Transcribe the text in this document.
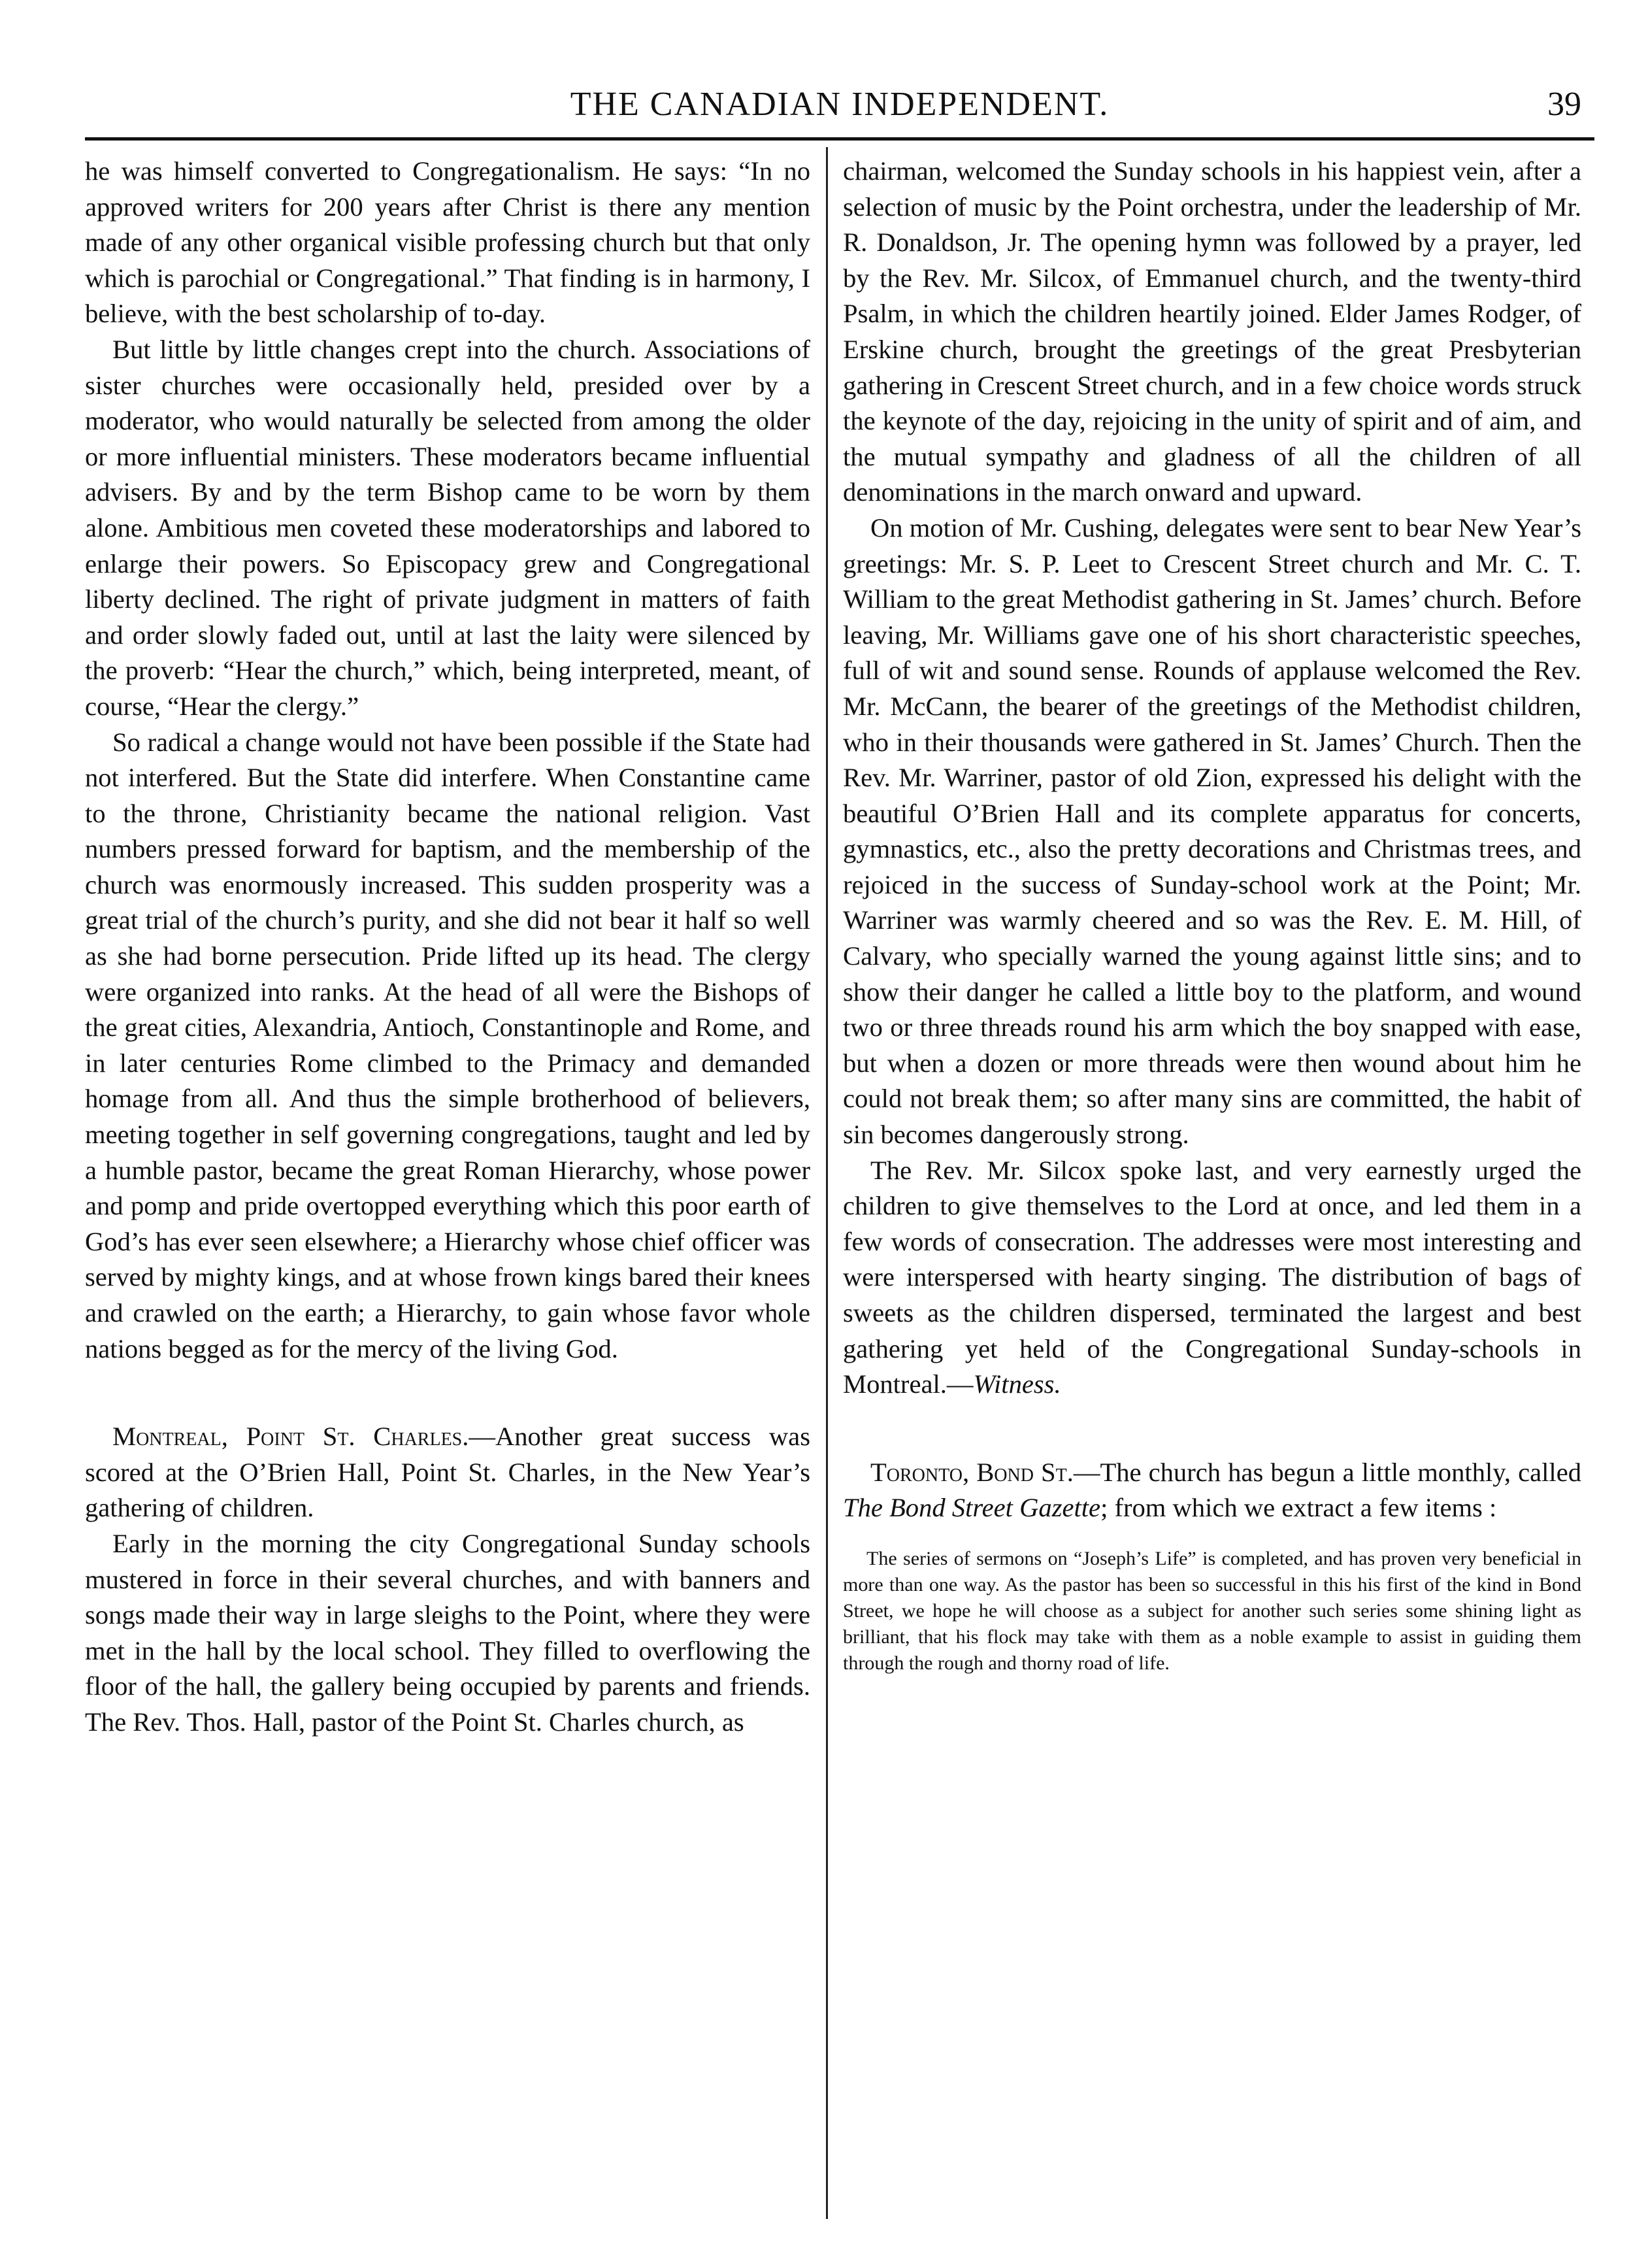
THE CANADIAN INDEPENDENT.	39

he was himself converted to Congregationalism. He says: “In no approved writers for 200 years after Christ is there any mention made of any other organical visible professing church but that only which is parochial or Congregational.” That finding is in harmony, I believe, with the best scholarship of to-day.

But little by little changes crept into the church. Associations of sister churches were occasionally held, presided over by a moderator, who would naturally be selected from among the older or more influential ministers. These moderators became influential advisers. By and by the term Bishop came to be worn by them alone. Ambitious men coveted these moderatorships and labored to enlarge their powers. So Episcopacy grew and Congregational liberty declined. The right of private judgment in matters of faith and order slowly faded out, until at last the laity were silenced by the proverb: “Hear the church,” which, being interpreted, meant, of course, “Hear the clergy.”

So radical a change would not have been possible if the State had not interfered. But the State did interfere. When Constantine came to the throne, Christianity became the national religion. Vast numbers pressed forward for baptism, and the membership of the church was enormously increased. This sudden prosperity was a great trial of the church’s purity, and she did not bear it half so well as she had borne persecution. Pride lifted up its head. The clergy were organized into ranks. At the head of all were the Bishops of the great cities, Alexandria, Antioch, Constantinople and Rome, and in later centuries Rome climbed to the Primacy and demanded homage from all. And thus the simple brotherhood of believers, meeting together in self governing congregations, taught and led by a humble pastor, became the great Roman Hierarchy, whose power and pomp and pride overtopped everything which this poor earth of God’s has ever seen elsewhere; a Hierarchy whose chief officer was served by mighty kings, and at whose frown kings bared their knees and crawled on the earth; a Hierarchy, to gain whose favor whole nations begged as for the mercy of the living God.

Montreal, Point St. Charles.—Another great success was scored at the O’Brien Hall, Point St. Charles, in the New Year’s gathering of children.

Early in the morning the city Congregational Sunday schools mustered in force in their several churches, and with banners and songs made their way in large sleighs to the Point, where they were met in the hall by the local school. They filled to overflowing the floor of the hall, the gallery being occupied by parents and friends. The Rev. Thos. Hall, pastor of the Point St. Charles church, as

chairman, welcomed the Sunday schools in his happiest vein, after a selection of music by the Point orchestra, under the leadership of Mr. R. Donaldson, Jr. The opening hymn was followed by a prayer, led by the Rev. Mr. Silcox, of Emmanuel church, and the twenty-third Psalm, in which the children heartily joined. Elder James Rodger, of Erskine church, brought the greetings of the great Presbyterian gathering in Crescent Street church, and in a few choice words struck the keynote of the day, rejoicing in the unity of spirit and of aim, and the mutual sympathy and gladness of all the children of all denominations in the march onward and upward.

On motion of Mr. Cushing, delegates were sent to bear New Year’s greetings: Mr. S. P. Leet to Crescent Street church and Mr. C. T. William to the great Methodist gathering in St. James’ church. Before leaving, Mr. Williams gave one of his short characteristic speeches, full of wit and sound sense. Rounds of applause welcomed the Rev. Mr. McCann, the bearer of the greetings of the Methodist children, who in their thousands were gathered in St. James’ Church. Then the Rev. Mr. Warriner, pastor of old Zion, expressed his delight with the beautiful O’Brien Hall and its complete apparatus for concerts, gymnastics, etc., also the pretty decorations and Christmas trees, and rejoiced in the success of Sunday-school work at the Point; Mr. Warriner was warmly cheered and so was the Rev. E. M. Hill, of Calvary, who specially warned the young against little sins; and to show their danger he called a little boy to the platform, and wound two or three threads round his arm which the boy snapped with ease, but when a dozen or more threads were then wound about him he could not break them; so after many sins are committed, the habit of sin becomes dangerously strong.

The Rev. Mr. Silcox spoke last, and very earnestly urged the children to give themselves to the Lord at once, and led them in a few words of consecration. The addresses were most interesting and were interspersed with hearty singing. The distribution of bags of sweets as the children dispersed, terminated the largest and best gathering yet held of the Congregational Sunday-schools in Montreal.—Witness.

Toronto, Bond St.—The church has begun a little monthly, called The Bond Street Gazette; from which we extract a few items :

The series of sermons on “Joseph’s Life” is completed, and has proven very beneficial in more than one way. As the pastor has been so successful in this his first of the kind in Bond Street, we hope he will choose as a subject for another such series some shining light as brilliant, that his flock may take with them as a noble example to assist in guiding them through the rough and thorny road of life.
